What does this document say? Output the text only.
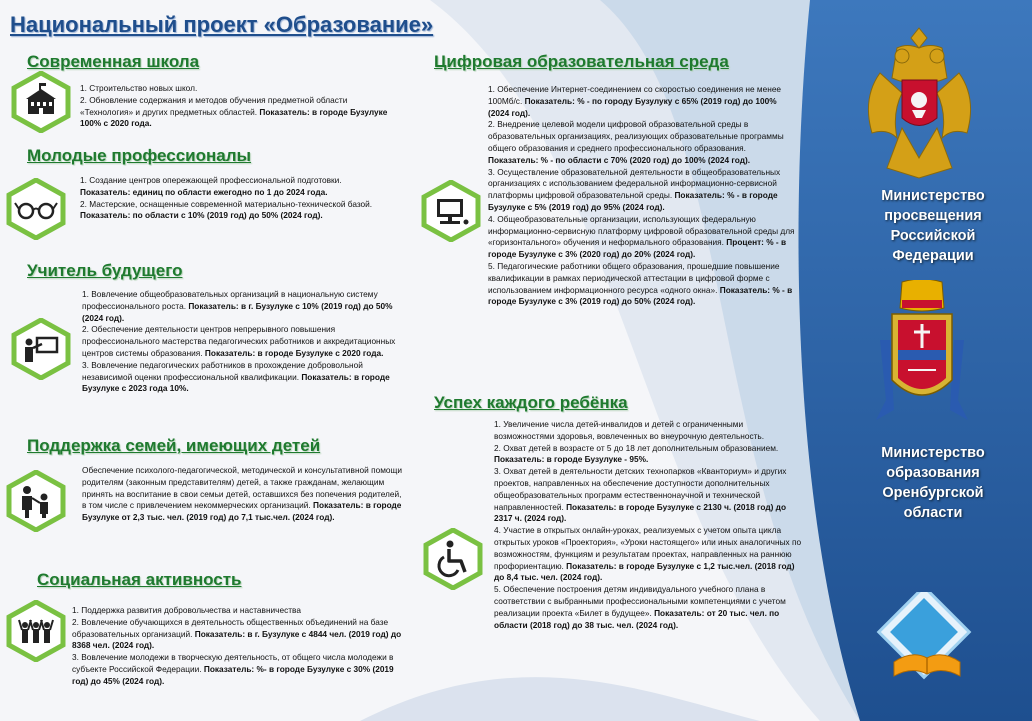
Национальный проект «Образование»
Современная школа

1. Строительство новых школ.

2. Обновление содержания и методов обучения предметной области «Технология» и других предметных областей. Показатель: в городе Бузулуке 100% с 2020 года.

Молодые профессионалы

1. Создание центров опережающей профессиональной подготовки. Показатель: единиц по области ежегодно по 1 до 2024 года.

2. Мастерские, оснащенные современной материально-технической базой. Показатель: по области с 10% (2019 год) до 50% (2024 год).

Учитель будущего

1. Вовлечение общеобразовательных организаций в национальную систему профессионального роста. Показатель: в г. Бузулуке с 10% (2019 год) до 50% (2024 год).

2. Обеспечение деятельности центров непрерывного повышения профессионального мастерства педагогических работников и аккредитационных центров системы образования. Показатель: в городе Бузулуке с 2020 года.

3. Вовлечение педагогических работников в прохождение добровольной независимой оценки профессиональной квалификации. Показатель: в городе Бузулуке с 2023 года 10%.

Поддержка семей, имеющих детей

Обеспечение психолого-педагогической, методической и консультативной помощи родителям (законным представителям) детей, а также гражданам, желающим принять на воспитание в свои семьи детей, оставшихся без попечения родителей, в том числе с привлечением некоммерческих организаций. Показатель: в городе Бузулуке от 2,3 тыс. чел. (2019 год) до 7,1 тыс.чел. (2024 год).

Социальная активность

1. Поддержка развития добровольчества и наставничества

2. Вовлечение обучающихся в деятельность общественных объединений на базе образовательных организаций. Показатель: в г. Бузулуке с 4844 чел. (2019 год) до 8368 чел. (2024 год).

3. Вовлечение молодежи в творческую деятельность, от общего числа молодежи в субъекте Российской Федерации. Показатель: %- в городе Бузулуке с 30% (2019 год) до 45% (2024 год).

Цифровая образовательная среда

1. Обеспечение Интернет-соединением со скоростью соединения не менее 100Мб/с. Показатель: % - по городу Бузулуку с 65% (2019 год) до 100% (2024 год).

2. Внедрение целевой модели цифровой образовательной среды в образовательных организациях, реализующих образовательные программы общего образования и среднего профессионального образования. Показатель: % - по области с 70% (2020 год) до 100% (2024 год).

3. Осуществление образовательной деятельности в общеобразовательных организациях с использованием федеральной информационно-сервисной платформы цифровой образовательной среды. Показатель: % - в городе Бузулуке с 5% (2019 год) до 95% (2024 год).

4. Общеобразовательные организации, использующих федеральную информационно-сервисную платформу цифровой образовательной среды для «горизонтального» обучения и неформального образования. Процент: % - в городе Бузулуке с 3% (2020 год) до 20% (2024 год).

5. Педагогические работники общего образования, прошедшие повышение квалификации в рамках периодической аттестации в цифровой форме с использованием информационного ресурса «одного окна». Показатель: % - в городе Бузулуке с 3% (2019 год) до 50% (2024 год).

Успех каждого ребёнка

1. Увеличение числа детей-инвалидов и детей с ограниченными возможностями здоровья, вовлеченных во внеурочную деятельность.

2. Охват детей в возрасте от 5 до 18 лет дополнительным образованием. Показатель: в городе Бузулуке - 95%.

3. Охват детей в деятельности детских технопарков «Кванториум» и других проектов, направленных на обеспечение доступности дополнительных общеобразовательных программ естественнонаучной и технической направленностей. Показатель: в городе Бузулуке с 2130 ч. (2018 год) до 2317 ч. (2024 год).

4. Участие в открытых онлайн-уроках, реализуемых с учетом опыта цикла открытых уроков «Проектория», «Уроки настоящего» или иных аналогичных по возможностям, функциям и результатам проектах, направленных на раннюю профориентацию. Показатель: в городе Бузулуке с 1,2 тыс.чел. (2018 год) до 8,4 тыс. чел. (2024 год).

5. Обеспечение построения детям индивидуального учебного плана в соответствии с выбранными профессиональными компетенциями с учетом реализации проекта «Билет в будущее». Показатель: от 20 тыс. чел. по области (2018 год) до 38 тыс. чел. (2024 год).

Министерство просвещения Российской Федерации
Министерство образования Оренбургской области
